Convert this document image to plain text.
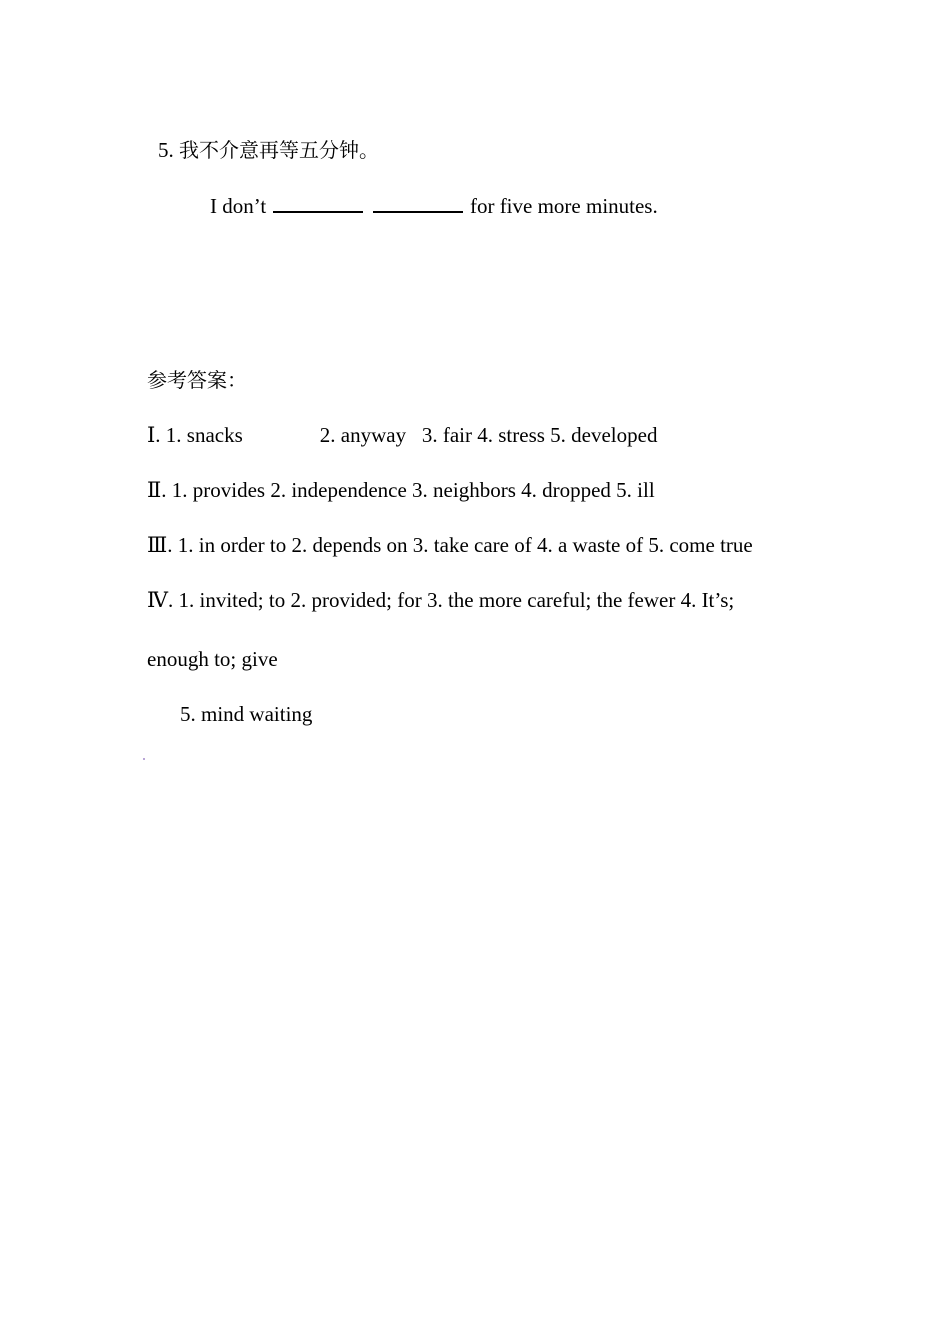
5. 我不介意再等五分钟。
I don’t	for five more minutes.
参考答案：
Ⅰ. 1. snacks	2. anyway   3. fair 4. stress 5. developed
Ⅱ. 1. provides 2. independence 3. neighbors 4. dropped 5. ill
Ⅲ. 1. in order to 2. depends on 3. take care of 4. a waste of 5. come true
Ⅳ. 1. invited; to 2. provided; for 3. the more careful; the fewer 4. It’s;
enough to; give
5. mind waiting
